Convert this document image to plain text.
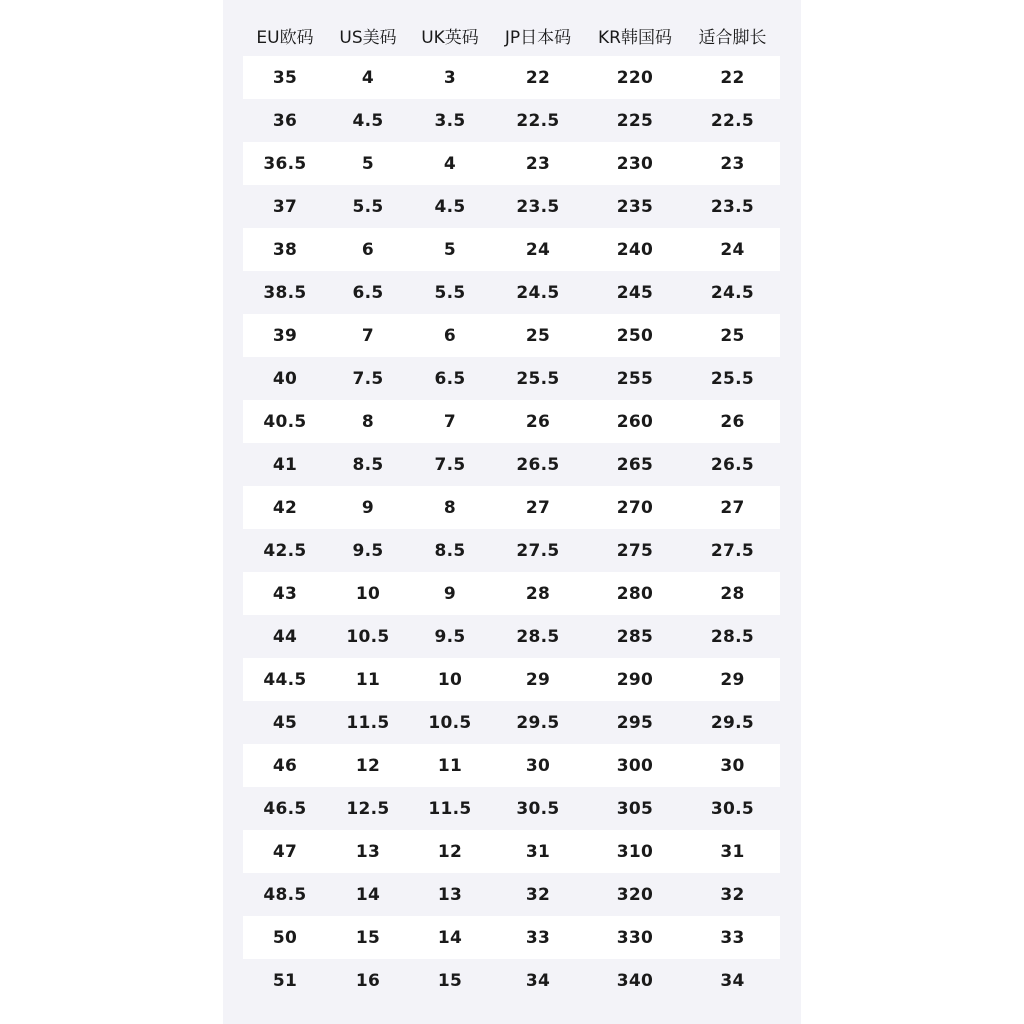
EU欧码	US美码	UK英码	JP日本码	KR韩国码	适合脚长
35	4	3	22	220	22
36	4.5	3.5	22.5	225	22.5
36.5	5	4	23	230	23
37	5.5	4.5	23.5	235	23.5
38	6	5	24	240	24
38.5	6.5	5.5	24.5	245	24.5
39	7	6	25	250	25
40	7.5	6.5	25.5	255	25.5
40.5	8	7	26	260	26
41	8.5	7.5	26.5	265	26.5
42	9	8	27	270	27
42.5	9.5	8.5	27.5	275	27.5
43	10	9	28	280	28
44	10.5	9.5	28.5	285	28.5
44.5	11	10	29	290	29
45	11.5	10.5	29.5	295	29.5
46	12	11	30	300	30
46.5	12.5	11.5	30.5	305	30.5
47	13	12	31	310	31
48.5	14	13	32	320	32
50	15	14	33	330	33
51	16	15	34	340	34
